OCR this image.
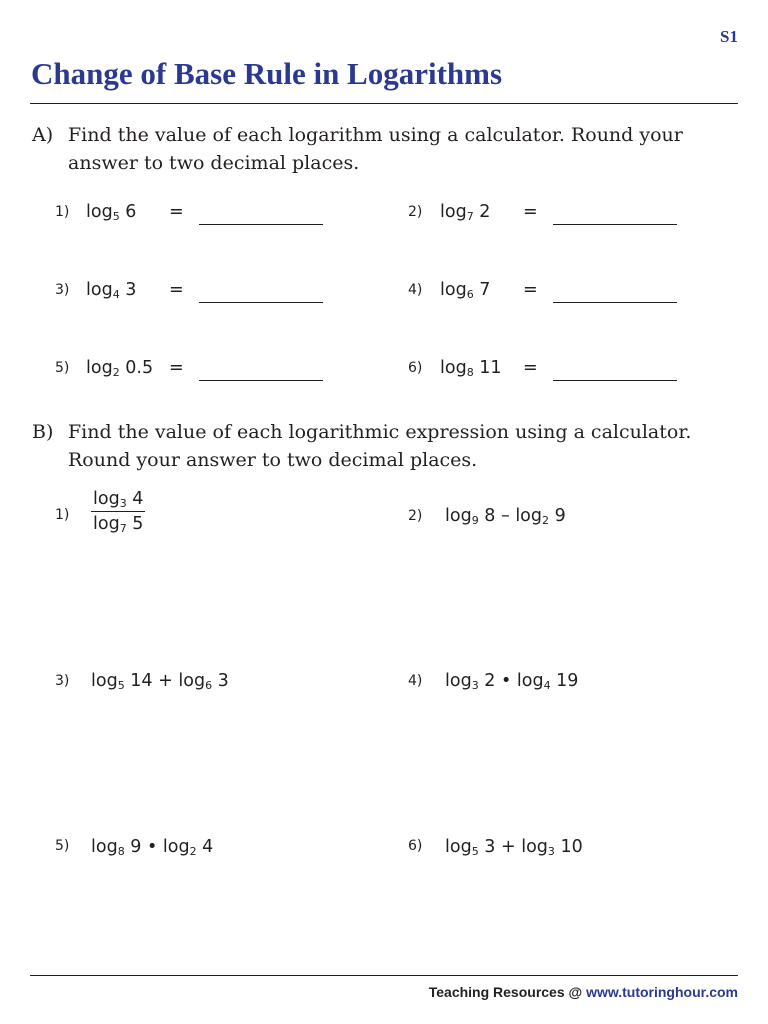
S1
Change of Base Rule in Logarithms
A) Find the value of each logarithm using a calculator. Round your answer to two decimal places.
1) $\log_5 6$ =	2) $\log_7 2$ =
3) $\log_4 3$ =	4) $\log_6 7$ =
5) $\log_2 0.5$ =	6) $\log_8 11$ =
B) Find the value of each logarithmic expression using a calculator. Round your answer to two decimal places.
$1) \frac{\log_3 4}{\log_7 5}$	2) $\log_9 8 - \log_2 9$
3) $\log_5 14 + \log_6 3$	4) $\log_3 2$ • $\log_4 19$
5) $\log_8 9$ • $\log_2 4$	6) $\log_5 3 + \log_3 10$
Teaching Resources @ www.tutoringhour.com
